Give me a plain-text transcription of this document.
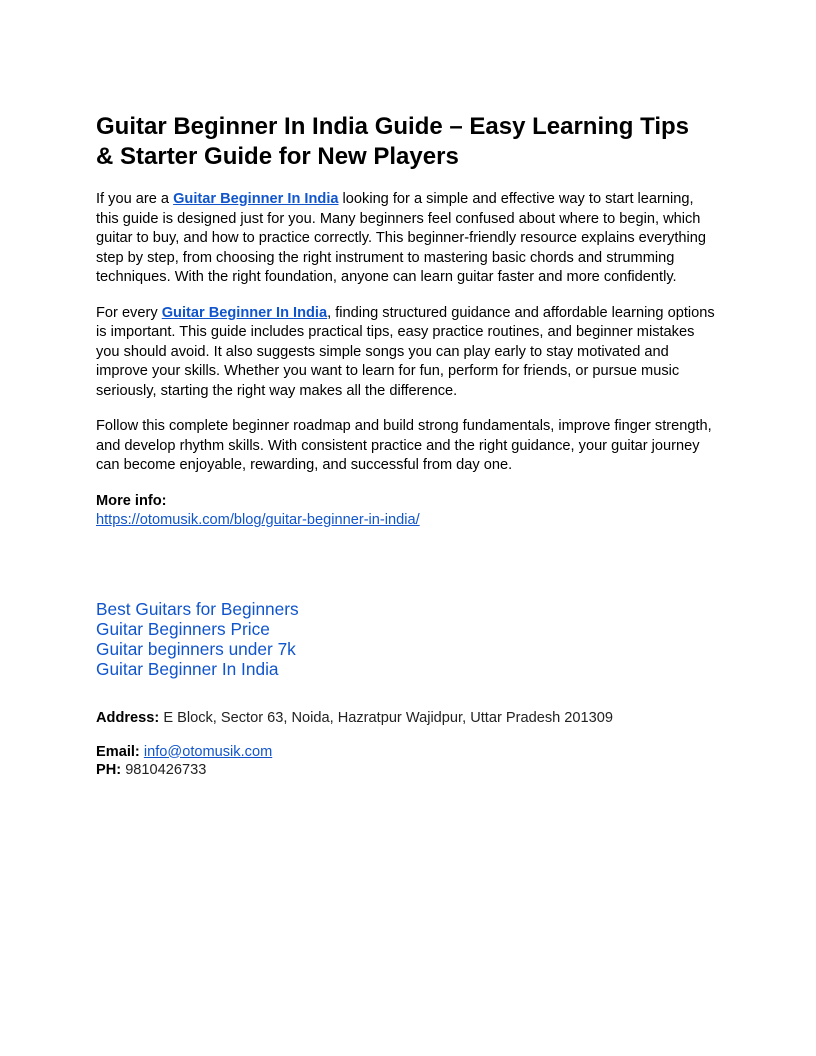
Guitar Beginner In India Guide – Easy Learning Tips & Starter Guide for New Players

If you are a Guitar Beginner In India looking for a simple and effective way to start learning, this guide is designed just for you. Many beginners feel confused about where to begin, which guitar to buy, and how to practice correctly. This beginner-friendly resource explains everything step by step, from choosing the right instrument to mastering basic chords and strumming techniques. With the right foundation, anyone can learn guitar faster and more confidently.

For every Guitar Beginner In India, finding structured guidance and affordable learning options is important. This guide includes practical tips, easy practice routines, and beginner mistakes you should avoid. It also suggests simple songs you can play early to stay motivated and improve your skills. Whether you want to learn for fun, perform for friends, or pursue music seriously, starting the right way makes all the difference.

Follow this complete beginner roadmap and build strong fundamentals, improve finger strength, and develop rhythm skills. With consistent practice and the right guidance, your guitar journey can become enjoyable, rewarding, and successful from day one.

More info:
https://otomusik.com/blog/guitar-beginner-in-india/
Best Guitars for Beginners
Guitar Beginners Price
Guitar beginners under 7k
Guitar Beginner In India
Address: E Block, Sector 63, Noida, Hazratpur Wajidpur, Uttar Pradesh 201309
Email: info@otomusik.com
PH: 9810426733
